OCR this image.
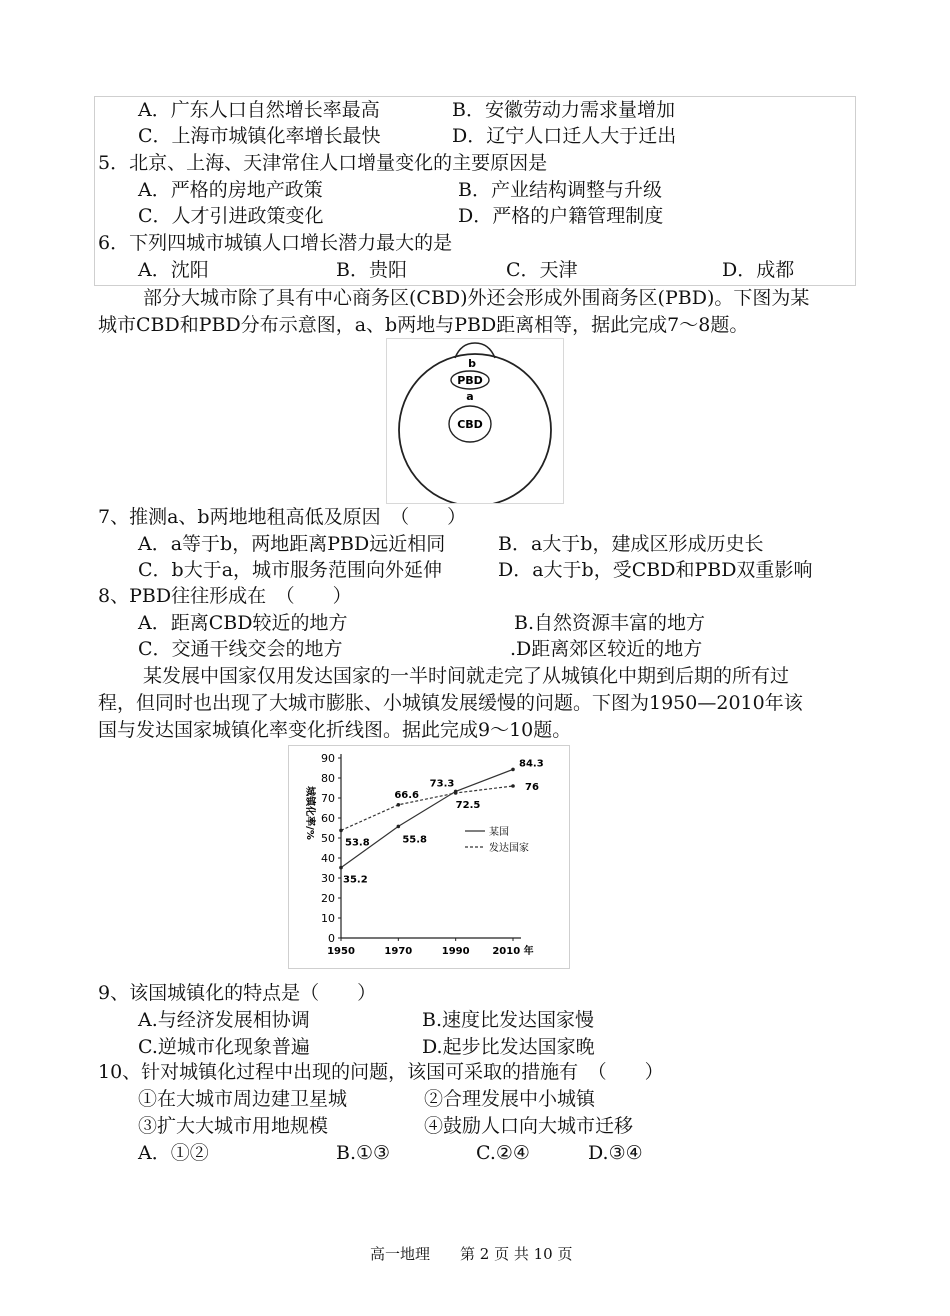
A．广东人口自然增长率最高	B．安徽劳动力需求量增加
C．上海市城镇化率增长最快	D．辽宁人口迁人大于迁出
5．北京、上海、天津常住人口增量变化的主要原因是
A．严格的房地产政策	B．产业结构调整与升级
C．人才引进政策变化	D．严格的户籍管理制度
6．下列四城市城镇人口增长潜力最大的是
A．沈阳	B．贵阳	C．天津	D．成都
部分大城市除了具有中心商务区(CBD)外还会形成外围商务区(PBD)。下图为某
城市CBD和PBD分布示意图，a、b两地与PBD距离相等，据此完成7～8题。
b
PBD
a
CBD
7、推测a、b两地地租高低及原因　（　　）
A．a等于b，两地距离PBD远近相同	B．a大于b，建成区形成历史长
C．b大于a，城市服务范围向外延伸	D．a大于b，受CBD和PBD双重影响
8、PBD往往形成在　（　　）
A．距离CBD较近的地方	B.自然资源丰富的地方
C．交通干线交会的地方	.D距离郊区较近的地方
某发展中国家仅用发达国家的一半时间就走完了从城镇化中期到后期的所有过
程，但同时也出现了大城市膨胀、小城镇发展缓慢的问题。下图为1950—2010年该
国与发达国家城镇化率变化折线图。据此完成9～10题。
0
10
20
30
40
50
60
70
80
90
1950	1970	1990 2010 年
城镇化率/%
35.2
55.8
73.3
84.3
53.8
66.6
72.5
76
某国
发达国家
9、该国城镇化的特点是（　　）
A.与经济发展相协调	B.速度比发达国家慢
C.逆城市化现象普遍	D.起步比发达国家晚
10、针对城镇化过程中出现的问题，该国可采取的措施有　（　　）
①在大城市周边建卫星城	②合理发展中小城镇
③扩大大城市用地规模	④鼓励人口向大城市迁移
A．①②	B.①③	C.②④	D.③④
高一地理　　第 2 页 共 10 页
